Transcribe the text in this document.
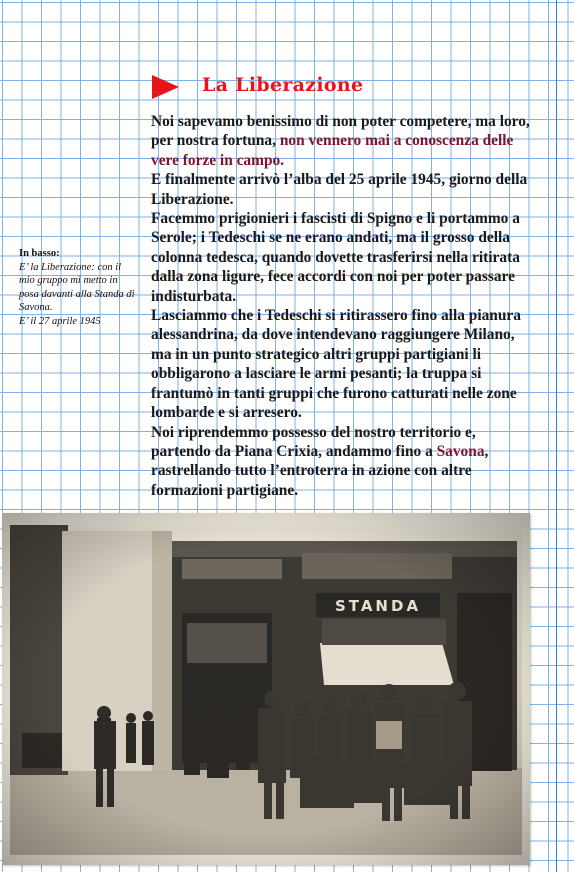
La Liberazione

In basso:

E’ la Liberazione: con il mio gruppo mi metto in posa davanti alla Standa di Savona.

E’ il 27 aprile 1945

Noi sapevamo benissimo di non poter competere, ma loro, per nostra fortuna, non vennero mai a conoscenza delle vere forze in campo.

E finalmente arrivò l’alba del 25 aprile 1945, giorno della Liberazione.

Facemmo prigionieri i fascisti di Spigno e li portammo a Serole; i Tedeschi se ne erano andati, ma il grosso della colonna tedesca, quando dovette trasferirsi nella ritirata dalla zona ligure, fece accordi con noi per poter passare indisturbata.

Lasciammo che i Tedeschi si ritirassero fino alla pianura alessandrina, da dove intendevano raggiungere Milano, ma in un punto strategico altri gruppi partigiani li obbligarono a lasciare le armi pesanti; la truppa si frantumò in tanti gruppi che furono catturati nelle zone lombarde e si arresero.

Noi riprendemmo possesso del nostro territorio e, partendo da Piana Crixia, andammo fino a Savona, rastrellando tutto l’entroterra in azione con altre formazioni partigiane.
